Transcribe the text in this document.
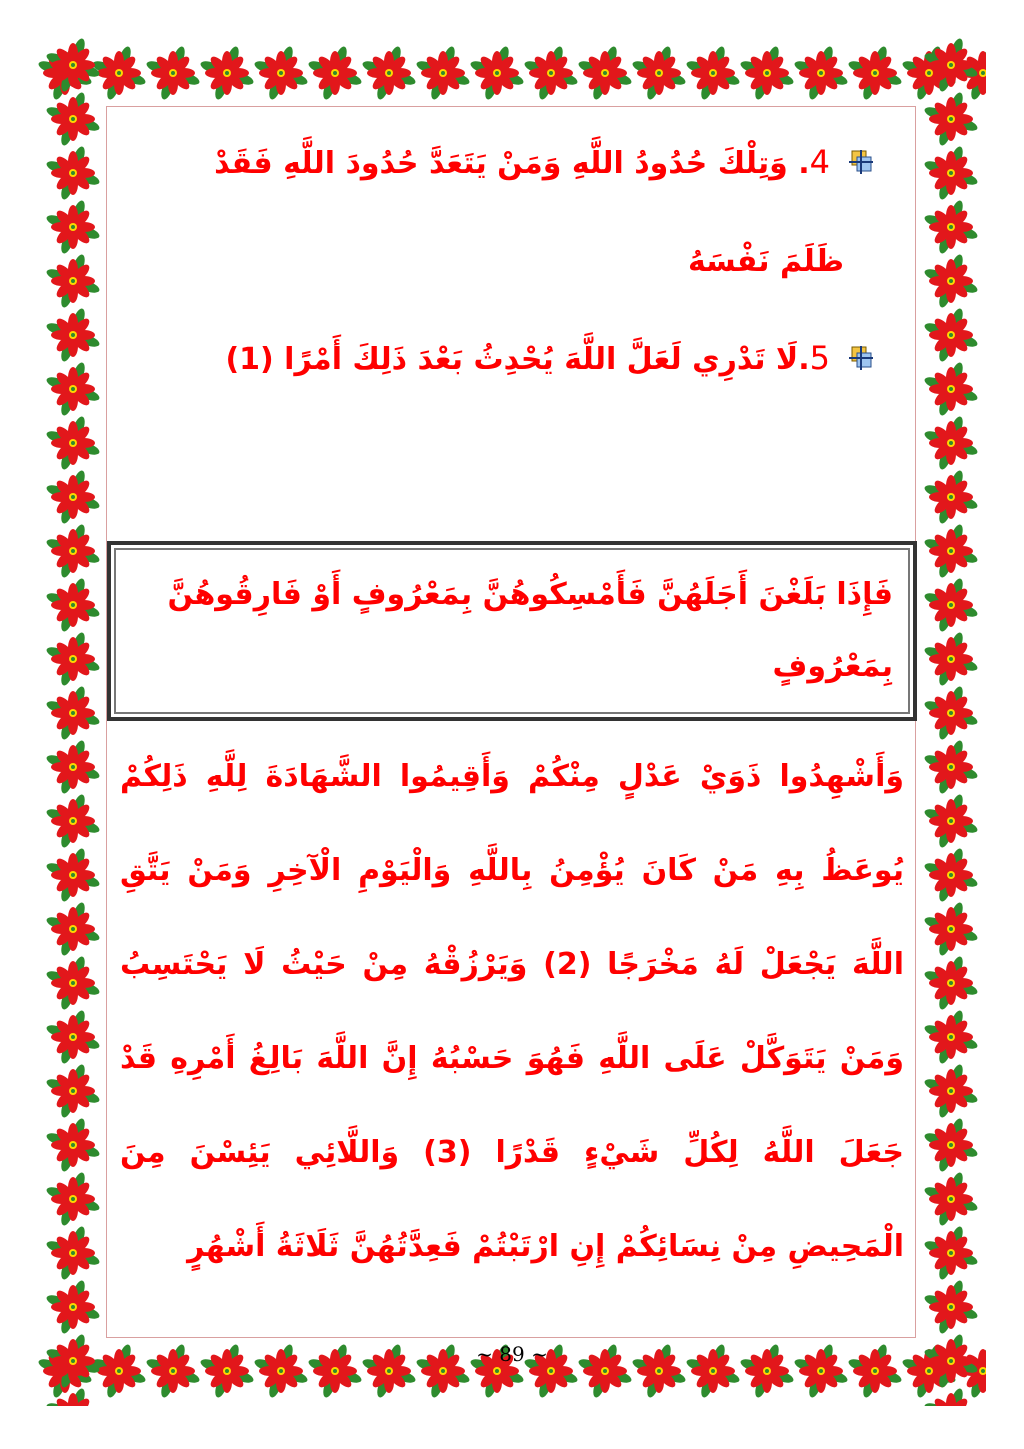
4. وَتِلْكَ حُدُودُ اللَّهِ وَمَنْ يَتَعَدَّ حُدُودَ اللَّهِ فَقَدْ
ظَلَمَ نَفْسَهُ
5.لَا تَدْرِي لَعَلَّ اللَّهَ يُحْدِثُ بَعْدَ ذَلِكَ أَمْرًا (1)
فَإِذَا بَلَغْنَ أَجَلَهُنَّ فَأَمْسِكُوهُنَّ بِمَعْرُوفٍ أَوْ فَارِقُوهُنَّ بِمَعْرُوفٍ
وَأَشْهِدُوا ذَوَيْ عَدْلٍ مِنْكُمْ وَأَقِيمُوا الشَّهَادَةَ لِلَّهِ ذَلِكُمْ يُوعَظُ بِهِ مَنْ كَانَ يُؤْمِنُ بِاللَّهِ وَالْيَوْمِ الْآخِرِ وَمَنْ يَتَّقِ اللَّهَ يَجْعَلْ لَهُ مَخْرَجًا (2) وَيَرْزُقْهُ مِنْ حَيْثُ لَا يَحْتَسِبُ وَمَنْ يَتَوَكَّلْ عَلَى اللَّهِ فَهُوَ حَسْبُهُ إِنَّ اللَّهَ بَالِغُ أَمْرِهِ قَدْ جَعَلَ اللَّهُ لِكُلِّ شَيْءٍ قَدْرًا (3) وَاللَّائِي يَئِسْنَ مِنَ الْمَحِيضِ مِنْ نِسَائِكُمْ إِنِ ارْتَبْتُمْ فَعِدَّتُهُنَّ ثَلَاثَةُ أَشْهُرٍ
~ 89 ~
